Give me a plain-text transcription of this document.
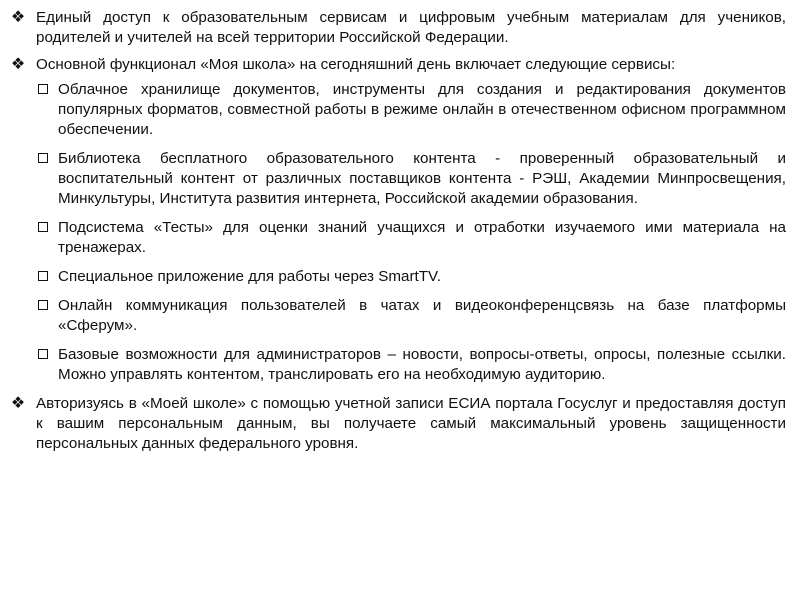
❖ Единый доступ к образовательным сервисам и цифровым учебным материалам для учеников, родителей и учителей на всей территории Российской Федерации.

❖ Основной функционал «Моя школа» на сегодняшний день включает следующие сервисы:

Облачное хранилище документов, инструменты для создания и редактирования документов популярных форматов, совместной работы в режиме онлайн в отечественном офисном программном обеспечении.

Библиотека бесплатного образовательного контента - проверенный образовательный и воспитательный контент от различных поставщиков контента - РЭШ, Академии Минпросвещения, Минкультуры, Института развития интернета, Российской академии образования.

Подсистема «Тесты» для оценки знаний учащихся и отработки изучаемого ими материала на тренажерах.

Специальное приложение для работы через SmartTV.

Онлайн коммуникация пользователей в чатах и видеоконференцсвязь на базе платформы «Сферум».

Базовые возможности для администраторов – новости, вопросы-ответы, опросы, полезные ссылки. Можно управлять контентом, транслировать его на необходимую аудиторию.

❖ Авторизуясь в «Моей школе» с помощью учетной записи ЕСИА портала Госуслуг и предоставляя доступ к вашим персональным данным, вы получаете самый максимальный уровень защищенности персональных данных федерального уровня.
